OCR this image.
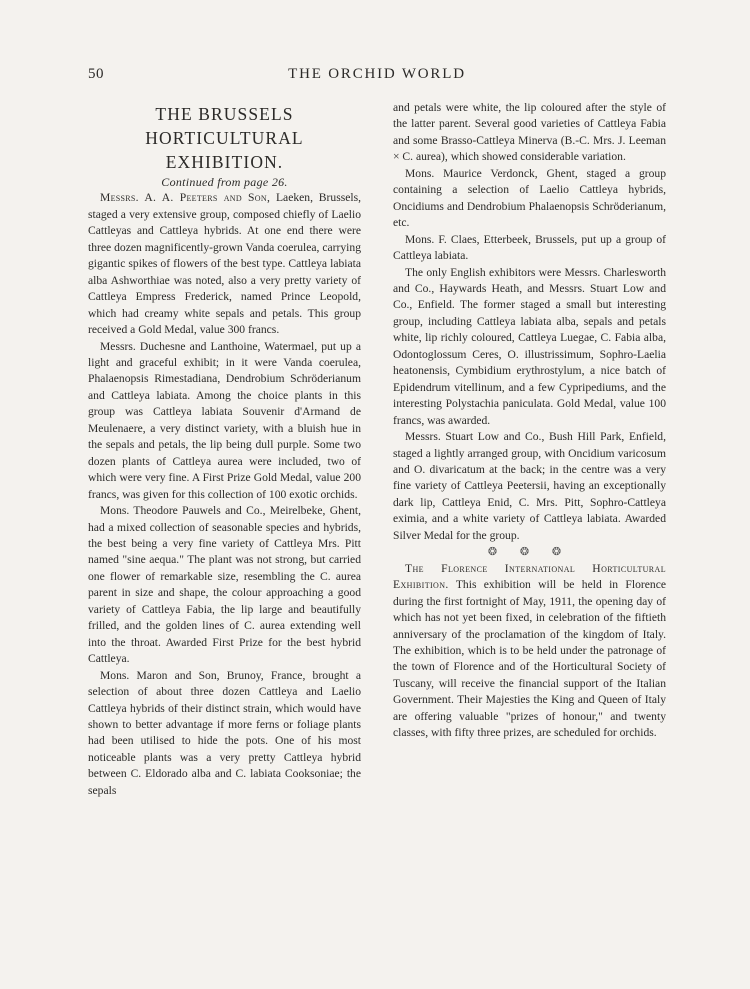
50	THE ORCHID WORLD
THE BRUSSELS
HORTICULTURAL EXHIBITION.

Continued from page 26.

Messrs. A. A. Peeters and Son, Laeken, Brussels, staged a very extensive group, composed chiefly of Laelio Cattleyas and Cattleya hybrids. At one end there were three dozen magnificently-grown Vanda coerulea, carrying gigantic spikes of flowers of the best type. Cattleya labiata alba Ashworthiae was noted, also a very pretty variety of Cattleya Empress Frederick, named Prince Leopold, which had creamy white sepals and petals. This group received a Gold Medal, value 300 francs.

Messrs. Duchesne and Lanthoine, Watermael, put up a light and graceful exhibit; in it were Vanda coerulea, Phalaenopsis Rimestadiana, Dendrobium Schröderianum and Cattleya labiata. Among the choice plants in this group was Cattleya labiata Souvenir d'Armand de Meulenaere, a very distinct variety, with a bluish hue in the sepals and petals, the lip being dull purple. Some two dozen plants of Cattleya aurea were included, two of which were very fine. A First Prize Gold Medal, value 200 francs, was given for this collection of 100 exotic orchids.

Mons. Theodore Pauwels and Co., Meirelbeke, Ghent, had a mixed collection of seasonable species and hybrids, the best being a very fine variety of Cattleya Mrs. Pitt named "sine aequa." The plant was not strong, but carried one flower of remarkable size, resembling the C. aurea parent in size and shape, the colour approaching a good variety of Cattleya Fabia, the lip large and beautifully frilled, and the golden lines of C. aurea extending well into the throat. Awarded First Prize for the best hybrid Cattleya.

Mons. Maron and Son, Brunoy, France, brought a selection of about three dozen Cattleya and Laelio Cattleya hybrids of their distinct strain, which would have shown to better advantage if more ferns or foliage plants had been utilised to hide the pots. One of his most noticeable plants was a very pretty Cattleya hybrid between C. Eldorado alba and C. labiata Cooksoniae; the sepals

and petals were white, the lip coloured after the style of the latter parent. Several good varieties of Cattleya Fabia and some Brasso-Cattleya Minerva (B.-C. Mrs. J. Leeman × C. aurea), which showed considerable variation.

Mons. Maurice Verdonck, Ghent, staged a group containing a selection of Laelio Cattleya hybrids, Oncidiums and Dendrobium Phalaenopsis Schröderianum, etc.

Mons. F. Claes, Etterbeek, Brussels, put up a group of Cattleya labiata.

The only English exhibitors were Messrs. Charlesworth and Co., Haywards Heath, and Messrs. Stuart Low and Co., Enfield. The former staged a small but interesting group, including Cattleya labiata alba, sepals and petals white, lip richly coloured, Cattleya Luegae, C. Fabia alba, Odontoglossum Ceres, O. illustrissimum, Sophro-Laelia heatonensis, Cymbidium erythrostylum, a nice batch of Epidendrum vitellinum, and a few Cypripediums, and the interesting Polystachia paniculata. Gold Medal, value 100 francs, was awarded.

Messrs. Stuart Low and Co., Bush Hill Park, Enfield, staged a lightly arranged group, with Oncidium varicosum and O. divaricatum at the back; in the centre was a very fine variety of Cattleya Peetersii, having an exceptionally dark lip, Cattleya Enid, C. Mrs. Pitt, Sophro-Cattleya eximia, and a white variety of Cattleya labiata. Awarded Silver Medal for the group.

❂ ❂ ❂

The Florence International Horticultural Exhibition. This exhibition will be held in Florence during the first fortnight of May, 1911, the opening day of which has not yet been fixed, in celebration of the fiftieth anniversary of the proclamation of the kingdom of Italy. The exhibition, which is to be held under the patronage of the town of Florence and of the Horticultural Society of Tuscany, will receive the financial support of the Italian Government. Their Majesties the King and Queen of Italy are offering valuable "prizes of honour," and twenty classes, with fifty three prizes, are scheduled for orchids.
